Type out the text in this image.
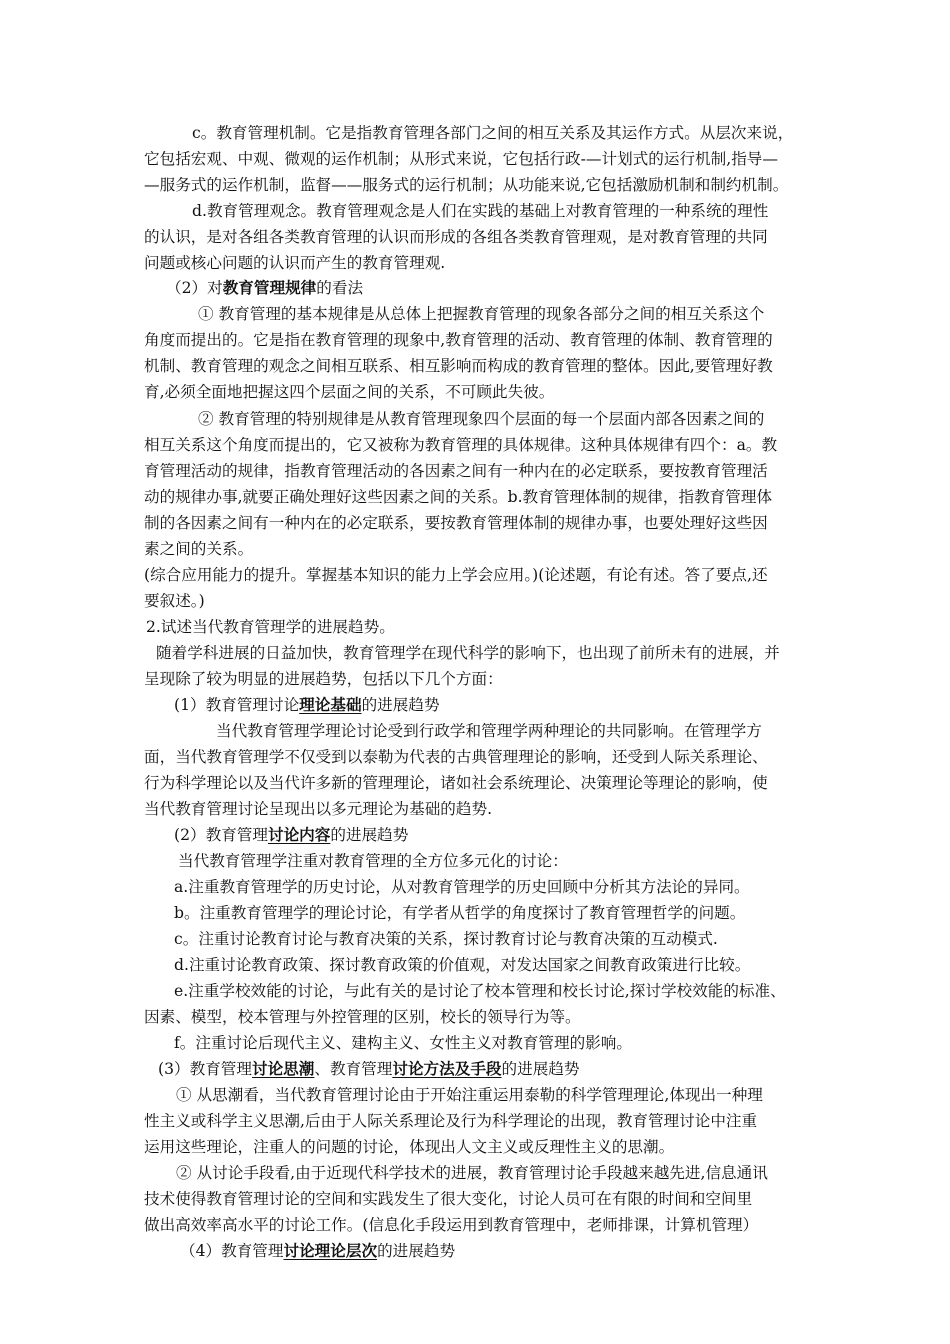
c。教育管理机制。它是指教育管理各部门之间的相互关系及其运作方式。从层次来说，
它包括宏观、中观、微观的运作机制；从形式来说，它包括行政-—计划式的运行机制,指导—
—服务式的运作机制，监督——服务式的运行机制；从功能来说,它包括激励机制和制约机制。
d.教育管理观念。教育管理观念是人们在实践的基础上对教育管理的一种系统的理性
的认识，是对各组各类教育管理的认识而形成的各组各类教育管理观，是对教育管理的共同
问题或核心问题的认识而产生的教育管理观.
（2）对教育管理规律的看法
① 教育管理的基本规律是从总体上把握教育管理的现象各部分之间的相互关系这个
角度而提出的。它是指在教育管理的现象中,教育管理的活动、教育管理的体制、教育管理的
机制、教育管理的观念之间相互联系、相互影响而构成的教育管理的整体。因此,要管理好教
育,必须全面地把握这四个层面之间的关系，不可顾此失彼。
② 教育管理的特别规律是从教育管理现象四个层面的每一个层面内部各因素之间的
相互关系这个角度而提出的，它又被称为教育管理的具体规律。这种具体规律有四个：a。教
育管理活动的规律，指教育管理活动的各因素之间有一种内在的必定联系，要按教育管理活
动的规律办事,就要正确处理好这些因素之间的关系。b.教育管理体制的规律，指教育管理体
制的各因素之间有一种内在的必定联系，要按教育管理体制的规律办事，也要处理好这些因
素之间的关系。
(综合应用能力的提升。掌握基本知识的能力上学会应用。)(论述题，有论有述。答了要点,还
要叙述。)
2.试述当代教育管理学的进展趋势。
随着学科进展的日益加快，教育管理学在现代科学的影响下，也出现了前所未有的进展，并
呈现除了较为明显的进展趋势，包括以下几个方面：
(1）教育管理讨论理论基础的进展趋势
当代教育管理学理论讨论受到行政学和管理学两种理论的共同影响。在管理学方
面，当代教育管理学不仅受到以泰勒为代表的古典管理理论的影响，还受到人际关系理论、
行为科学理论以及当代许多新的管理理论，诸如社会系统理论、决策理论等理论的影响，使
当代教育管理讨论呈现出以多元理论为基础的趋势.
(2）教育管理讨论内容的进展趋势
当代教育管理学注重对教育管理的全方位多元化的讨论：
a.注重教育管理学的历史讨论，从对教育管理学的历史回顾中分析其方法论的异同。
b。注重教育管理学的理论讨论，有学者从哲学的角度探讨了教育管理哲学的问题。
c。注重讨论教育讨论与教育决策的关系，探讨教育讨论与教育决策的互动模式.
d.注重讨论教育政策、探讨教育政策的价值观，对发达国家之间教育政策进行比较。
e.注重学校效能的讨论，与此有关的是讨论了校本管理和校长讨论,探讨学校效能的标准、
因素、模型，校本管理与外控管理的区别，校长的领导行为等。
f。注重讨论后现代主义、建构主义、女性主义对教育管理的影响。
(3）教育管理讨论思潮、教育管理讨论方法及手段的进展趋势
① 从思潮看，当代教育管理讨论由于开始注重运用泰勒的科学管理理论,体现出一种理
性主义或科学主义思潮,后由于人际关系理论及行为科学理论的出现，教育管理讨论中注重
运用这些理论，注重人的问题的讨论，体现出人文主义或反理性主义的思潮。
② 从讨论手段看,由于近现代科学技术的进展，教育管理讨论手段越来越先进,信息通讯
技术使得教育管理讨论的空间和实践发生了很大变化，讨论人员可在有限的时间和空间里
做出高效率高水平的讨论工作。(信息化手段运用到教育管理中，老师排课，计算机管理）
（4）教育管理讨论理论层次的进展趋势
